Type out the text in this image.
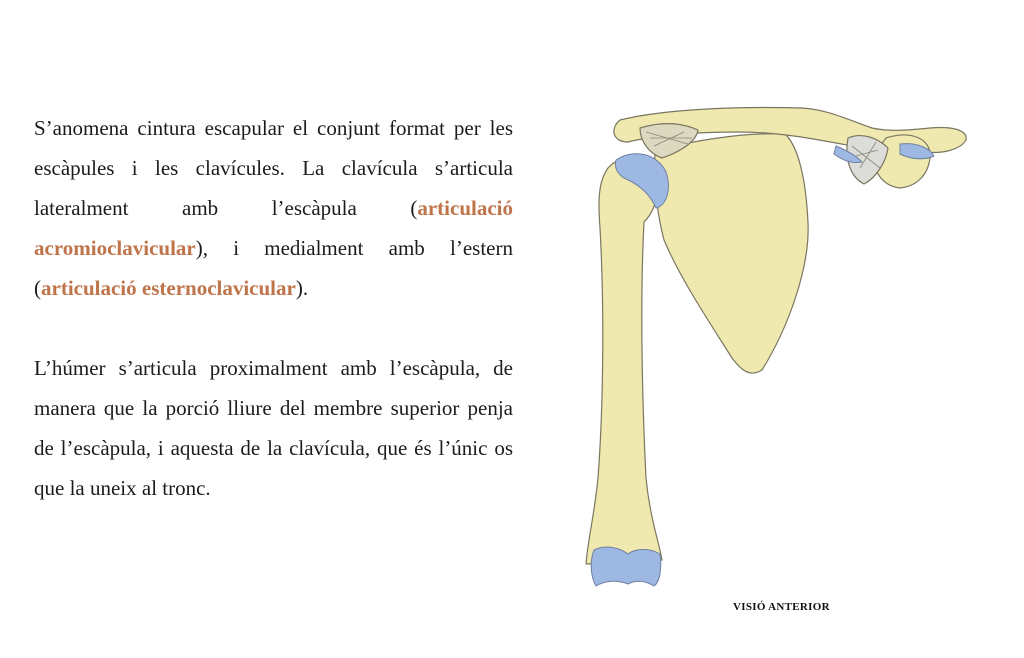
S’anomena cintura escapular el conjunt format per les escàpules i les clavícules. La clavícula s’articula lateralment amb l’escàpula (articulació acromioclavicular), i medialment amb l’estern (articulació esternoclavicular).

L’húmer s’articula proximalment amb l’escàpula, de manera que la porció lliure del membre superior penja de l’escàpula, i aquesta de la clavícula, que és l’únic os que la uneix al tronc.

VISIÓ ANTERIOR
